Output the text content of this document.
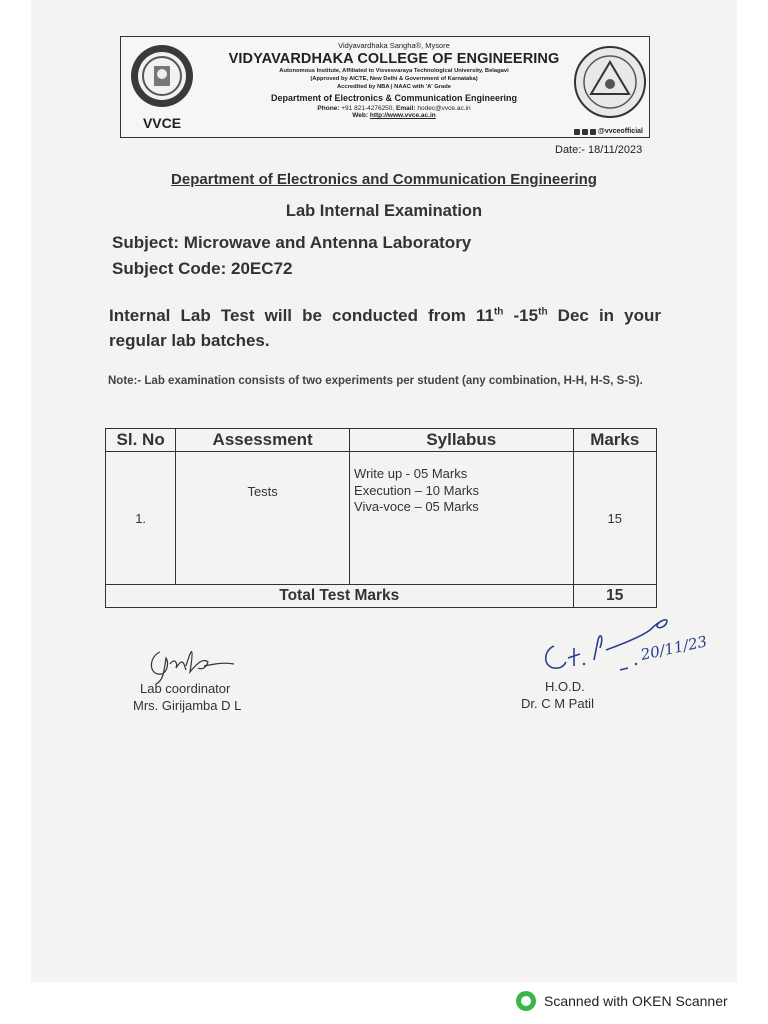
VVCE
Vidyavardhaka Sangha®, Mysore
VIDYAVARDHAKA COLLEGE OF ENGINEERING
Autonomous Institute, Affiliated to Visvesvaraya Technological University, Belagavi
(Approved by AICTE, New Delhi & Government of Karnataka)
Accredited by NBA | NAAC with 'A' Grade
Department of Electronics & Communication Engineering
Phone: +91 821-4276250, Email: hodec@vvce.ac.in
Web: http://www.vvce.ac.in
@vvceofficial
Date:- 18/11/2023
Department of Electronics and Communication Engineering
Lab Internal Examination
Subject: Microwave and Antenna Laboratory
Subject Code: 20EC72
Internal Lab Test will be conducted from 11th -15th Dec in your regular lab batches.
Note:- Lab examination consists of two experiments per student (any combination, H-H, H-S, S-S).
Sl. No	Assessment	Syllabus	Marks
1.	Tests	Write up - 05 Marks
Execution – 10 Marks
Viva-voce – 05 Marks	15
Total Test Marks			15
20/11/23
Lab coordinator
Mrs. Girijamba D L
H.O.D.
Dr. C M Patil
Scanned with OKEN Scanner
